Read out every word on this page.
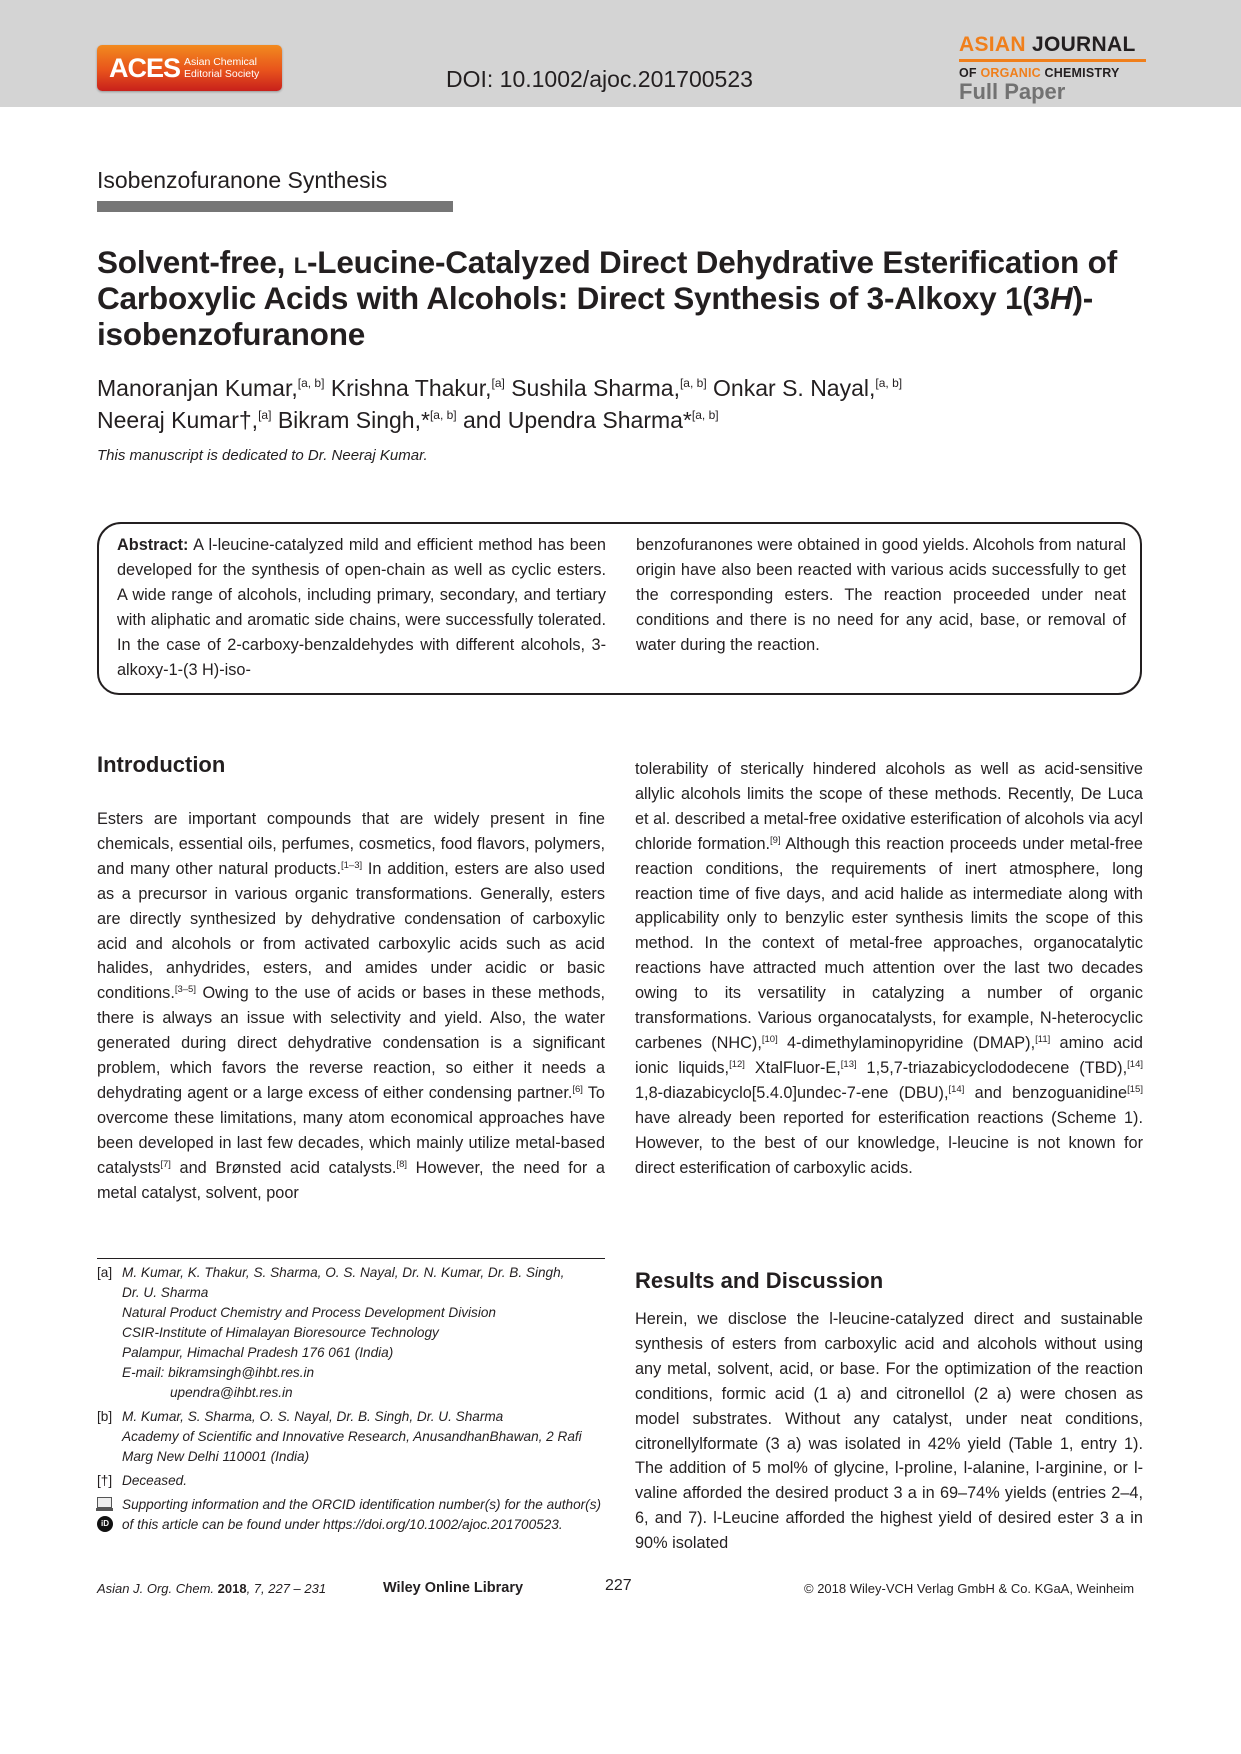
ACES Asian Chemical
Editorial Society	DOI: 10.1002/ajoc.201700523
ASIAN JOURNAL
OF ORGANIC CHEMISTRY
Full Paper
Isobenzofuranone Synthesis
Solvent-free, l-Leucine-Catalyzed Direct Dehydrative Esterification of Carboxylic Acids with Alcohols: Direct Synthesis of 3-Alkoxy 1(3H)-isobenzofuranone
Manoranjan Kumar,[a, b] Krishna Thakur,[a] Sushila Sharma,[a, b] Onkar S. Nayal,[a, b]
Neeraj Kumar†,[a] Bikram Singh,*[a, b] and Upendra Sharma*[a, b]
This manuscript is dedicated to Dr. Neeraj Kumar.
Abstract: A l-leucine-catalyzed mild and efficient method has been developed for the synthesis of open-chain as well as cyclic esters. A wide range of alcohols, including primary, secondary, and tertiary with aliphatic and aromatic side chains, were successfully tolerated. In the case of 2-carboxy-benzaldehydes with different alcohols, 3-alkoxy-1-(3 H)-iso-
benzofuranones were obtained in good yields. Alcohols from natural origin have also been reacted with various acids successfully to get the corresponding esters. The reaction proceeded under neat conditions and there is no need for any acid, base, or removal of water during the reaction.
Introduction
Esters are important compounds that are widely present in fine chemicals, essential oils, perfumes, cosmetics, food flavors, polymers, and many other natural products.[1–3] In addition, esters are also used as a precursor in various organic transformations. Generally, esters are directly synthesized by dehydrative condensation of carboxylic acid and alcohols or from activated carboxylic acids such as acid halides, anhydrides, esters, and amides under acidic or basic conditions.[3–5] Owing to the use of acids or bases in these methods, there is always an issue with selectivity and yield. Also, the water generated during direct dehydrative condensation is a significant problem, which favors the reverse reaction, so either it needs a dehydrating agent or a large excess of either condensing partner.[6] To overcome these limitations, many atom economical approaches have been developed in last few decades, which mainly utilize metal-based catalysts[7] and Brønsted acid catalysts.[8] However, the need for a metal catalyst, solvent, poor
tolerability of sterically hindered alcohols as well as acid-sensitive allylic alcohols limits the scope of these methods. Recently, De Luca et al. described a metal-free oxidative esterification of alcohols via acyl chloride formation.[9] Although this reaction proceeds under metal-free reaction conditions, the requirements of inert atmosphere, long reaction time of five days, and acid halide as intermediate along with applicability only to benzylic ester synthesis limits the scope of this method. In the context of metal-free approaches, organocatalytic reactions have attracted much attention over the last two decades owing to its versatility in catalyzing a number of organic transformations. Various organocatalysts, for example, N-heterocyclic carbenes (NHC),[10] 4-dimethylaminopyridine (DMAP),[11] amino acid ionic liquids,[12] XtalFluor-E,[13] 1,5,7-triazabicyclododecene (TBD),[14] 1,8-diazabicyclo[5.4.0]undec-7-ene (DBU),[14] and benzoguanidine[15] have already been reported for esterification reactions (Scheme 1). However, to the best of our knowledge, l-leucine is not known for direct esterification of carboxylic acids.
Results and Discussion
Herein, we disclose the l-leucine-catalyzed direct and sustainable synthesis of esters from carboxylic acid and alcohols without using any metal, solvent, acid, or base. For the optimization of the reaction conditions, formic acid (1 a) and citronellol (2 a) were chosen as model substrates. Without any catalyst, under neat conditions, citronellylformate (3 a) was isolated in 42% yield (Table 1, entry 1). The addition of 5 mol% of glycine, l-proline, l-alanine, l-arginine, or l-valine afforded the desired product 3 a in 69–74% yields (entries 2–4, 6, and 7). l-Leucine afforded the highest yield of desired ester 3 a in 90% isolated
[a] M. Kumar, K. Thakur, S. Sharma, O. S. Nayal, Dr. N. Kumar, Dr. B. Singh,
Dr. U. Sharma
Natural Product Chemistry and Process Development Division
CSIR-Institute of Himalayan Bioresource Technology
Palampur, Himachal Pradesh 176 061 (India)
E-mail: bikramsingh@ihbt.res.in
upendra@ihbt.res.in
[b] M. Kumar, S. Sharma, O. S. Nayal, Dr. B. Singh, Dr. U. Sharma
Academy of Scientific and Innovative Research, AnusandhanBhawan, 2 Rafi
Marg New Delhi 110001 (India)
[†] Deceased.
iD
Supporting information and the ORCID identification number(s) for the author(s) of this article can be found under https://doi.org/10.1002/ajoc.201700523.
Asian J. Org. Chem. 2018, 7, 227 – 231	Wiley Online Library	227	© 2018 Wiley-VCH Verlag GmbH & Co. KGaA, Weinheim
